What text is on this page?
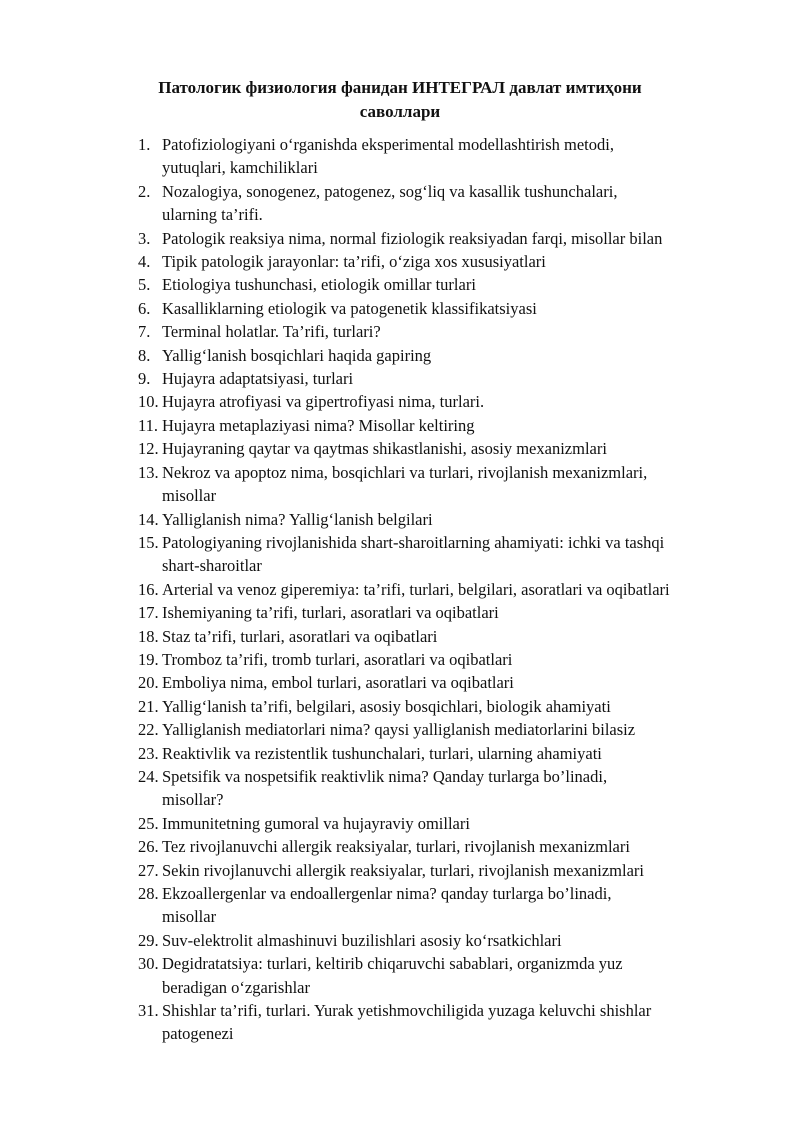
Патологик физиология фанидан ИНТЕГРАЛ давлат имтиҳони
саволлари
1. Patofiziologiyani o‘rganishda eksperimental modellashtirish metodi,
yutuqlari, kamchiliklari
2. Nozalogiya, sonogenez, patogenez, sog‘liq va kasallik tushunchalari,
ularning ta’rifi.
3. Patologik reaksiya nima, normal fiziologik reaksiyadan farqi, misollar bilan
4. Tipik patologik jarayonlar: ta’rifi, o‘ziga xos xususiyatlari
5. Etiologiya tushunchasi, etiologik omillar turlari
6. Kasalliklarning etiologik va patogenetik klassifikatsiyasi
7. Terminal holatlar. Ta’rifi, turlari?
8. Yallig‘lanish bosqichlari haqida gapiring
9. Hujayra adaptatsiyasi, turlari
10. Hujayra atrofiyasi va gipertrofiyasi nima, turlari.
11. Hujayra metaplaziyasi nima? Misollar keltiring
12. Hujayraning qaytar va qaytmas shikastlanishi, asosiy mexanizmlari
13. Nekroz va apoptoz nima, bosqichlari va turlari, rivojlanish mexanizmlari,
misollar
14. Yalliglanish nima? Yallig‘lanish belgilari
15. Patologiyaning rivojlanishida shart-sharoitlarning ahamiyati: ichki va tashqi
shart-sharoitlar
16. Arterial va venoz giperemiya: ta’rifi, turlari, belgilari, asoratlari va oqibatlari
17. Ishemiyaning ta’rifi, turlari, asoratlari va oqibatlari
18. Staz ta’rifi, turlari, asoratlari va oqibatlari
19. Tromboz ta’rifi, tromb turlari, asoratlari va oqibatlari
20. Emboliya nima, embol turlari, asoratlari va oqibatlari
21. Yallig‘lanish ta’rifi, belgilari, asosiy bosqichlari, biologik ahamiyati
22. Yalliglanish mediatorlari nima? qaysi yalliglanish mediatorlarini bilasiz
23. Reaktivlik va rezistentlik tushunchalari, turlari, ularning ahamiyati
24. Spetsifik va nospetsifik reaktivlik nima? Qanday turlarga bo’linadi,
misollar?
25. Immunitetning gumoral va hujayraviy omillari
26. Tez rivojlanuvchi allergik reaksiyalar, turlari, rivojlanish mexanizmlari
27. Sekin rivojlanuvchi allergik reaksiyalar, turlari, rivojlanish mexanizmlari
28. Ekzoallergenlar va endoallergenlar nima? qanday turlarga bo’linadi,
misollar
29. Suv-elektrolit almashinuvi buzilishlari asosiy ko‘rsatkichlari
30. Degidratatsiya: turlari, keltirib chiqaruvchi sabablari, organizmda yuz
beradigan o‘zgarishlar
31. Shishlar ta’rifi, turlari. Yurak yetishmovchiligida yuzaga keluvchi shishlar
patogenezi
